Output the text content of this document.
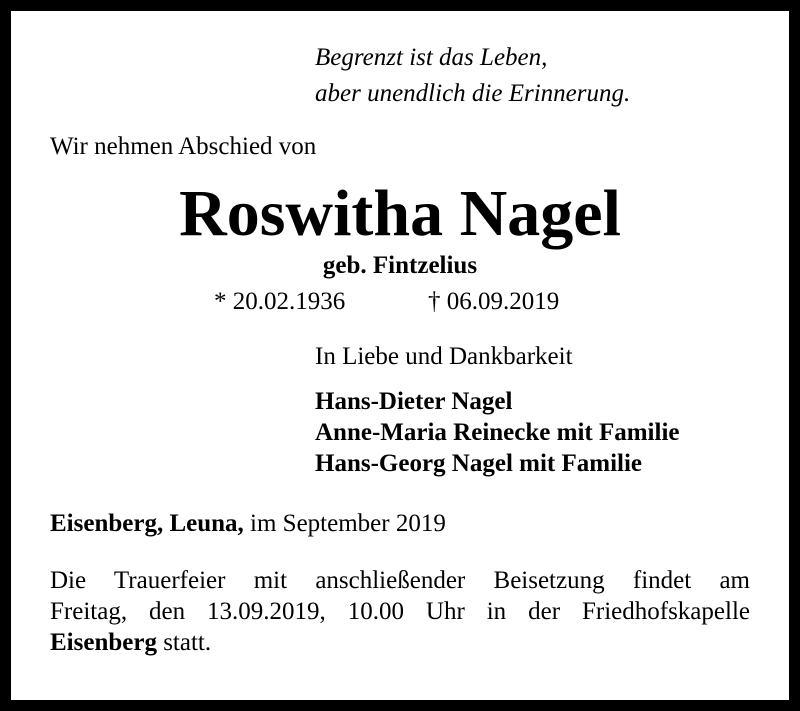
Begrenzt ist das Leben,

aber unendlich die Erinnerung.

Wir nehmen Abschied von

Roswitha Nagel

geb. Fintzelius

* 20.02.1936	† 06.09.2019

In Liebe und Dankbarkeit

Hans-Dieter Nagel
Anne-Maria Reinecke mit Familie
Hans-Georg Nagel mit Familie

Eisenberg, Leuna, im September 2019

Die Trauerfeier mit anschließender Beisetzung findet am
Freitag, den 13.09.2019, 10.00 Uhr in der Friedhofskapelle
Eisenberg statt.
